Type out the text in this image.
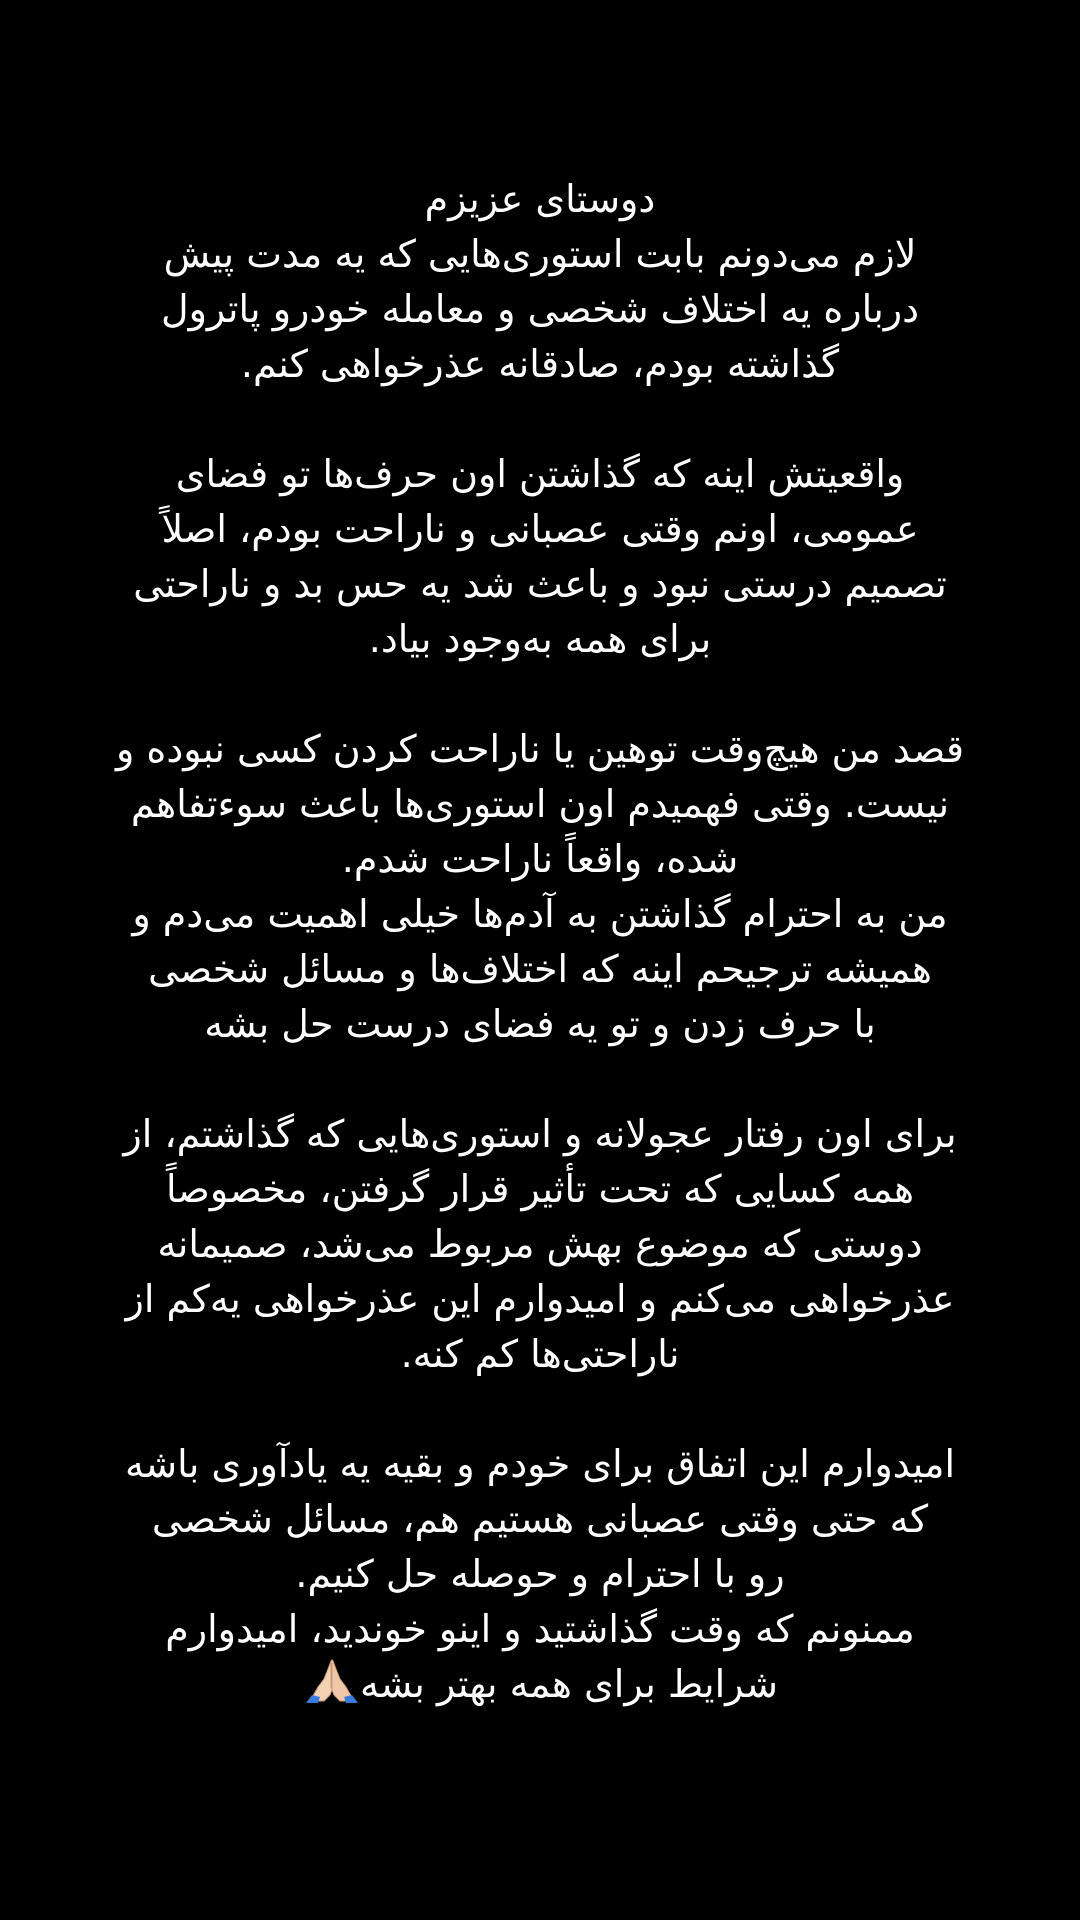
دوستای عزیزم
لازم می‌دونم بابت استوری‌هایی که یه مدت پیش
درباره یه اختلاف شخصی و معامله خودرو پاترول
گذاشته بودم، صادقانه عذرخواهی کنم.
واقعیتش اینه که گذاشتن اون حرف‌ها تو فضای
عمومی، اونم وقتی عصبانی و ناراحت بودم، اصلاً
تصمیم درستی نبود و باعث شد یه حس بد و ناراحتی
برای همه به‌وجود بیاد.
قصد من هیچ‌وقت توهین یا ناراحت کردن کسی نبوده و
نیست. وقتی فهمیدم اون استوری‌ها باعث سوءتفاهم
شده، واقعاً ناراحت شدم.
من به احترام گذاشتن به آدم‌ها خیلی اهمیت می‌دم و
همیشه ترجیحم اینه که اختلاف‌ها و مسائل شخصی
با حرف زدن و تو یه فضای درست حل بشه
برای اون رفتار عجولانه و استوری‌هایی که گذاشتم، از
همه کسایی که تحت تأثیر قرار گرفتن، مخصوصاً
دوستی که موضوع بهش مربوط می‌شد، صمیمانه
عذرخواهی می‌کنم و امیدوارم این عذرخواهی یه‌کم از
ناراحتی‌ها کم کنه.
امیدوارم این اتفاق برای خودم و بقیه یه یادآوری باشه
که حتی وقتی عصبانی هستیم هم، مسائل شخصی
رو با احترام و حوصله حل کنیم.
ممنونم که وقت گذاشتید و اینو خوندید، امیدوارم
شرایط برای همه بهتر بشه
